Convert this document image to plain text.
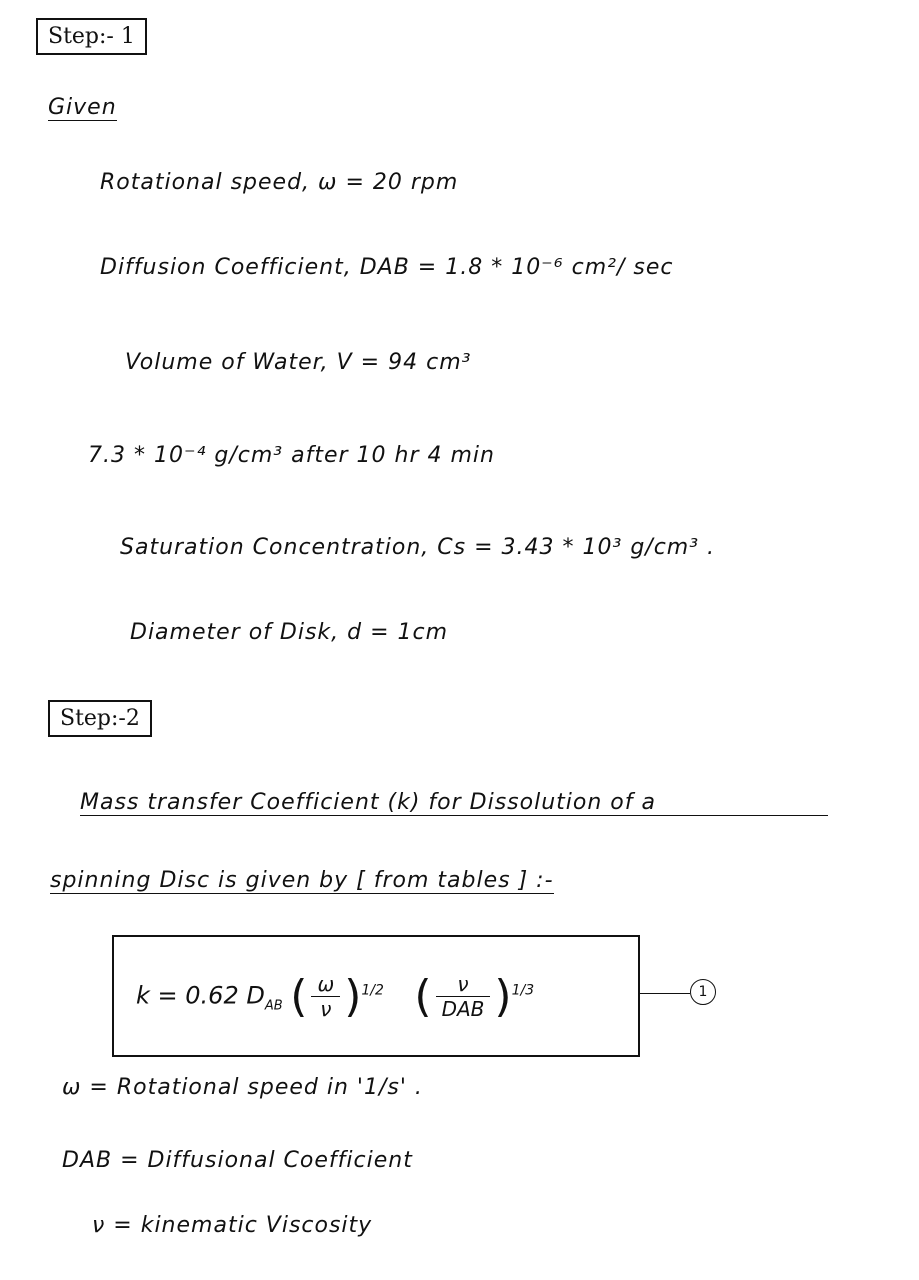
Step:- 1
Given
Rotational speed, ω = 20 rpm
Diffusion Coefficient, DAB = 1.8 * 10⁻⁶ cm²/ sec
Volume of Water, V = 94 cm³
7.3 * 10⁻⁴ g/cm³ after 10 hr 4 min
Saturation Concentration, Cs = 3.43 * 10³ g/cm³ .
Diameter of Disk, d = 1cm
Step:-2
Mass transfer Coefficient (k) for Dissolution of a
spinning Disc is given by [ from tables ] :-
k = 0.62 $D_{AB}$ ( $\frac{\omega}{\nu} )^{1/2}$ ( $\frac{\nu}{\text{DAB}} )^{1/3}$	1
ω = Rotational speed in '1/s' .
DAB = Diffusional Coefficient
ν = kinematic Viscosity
